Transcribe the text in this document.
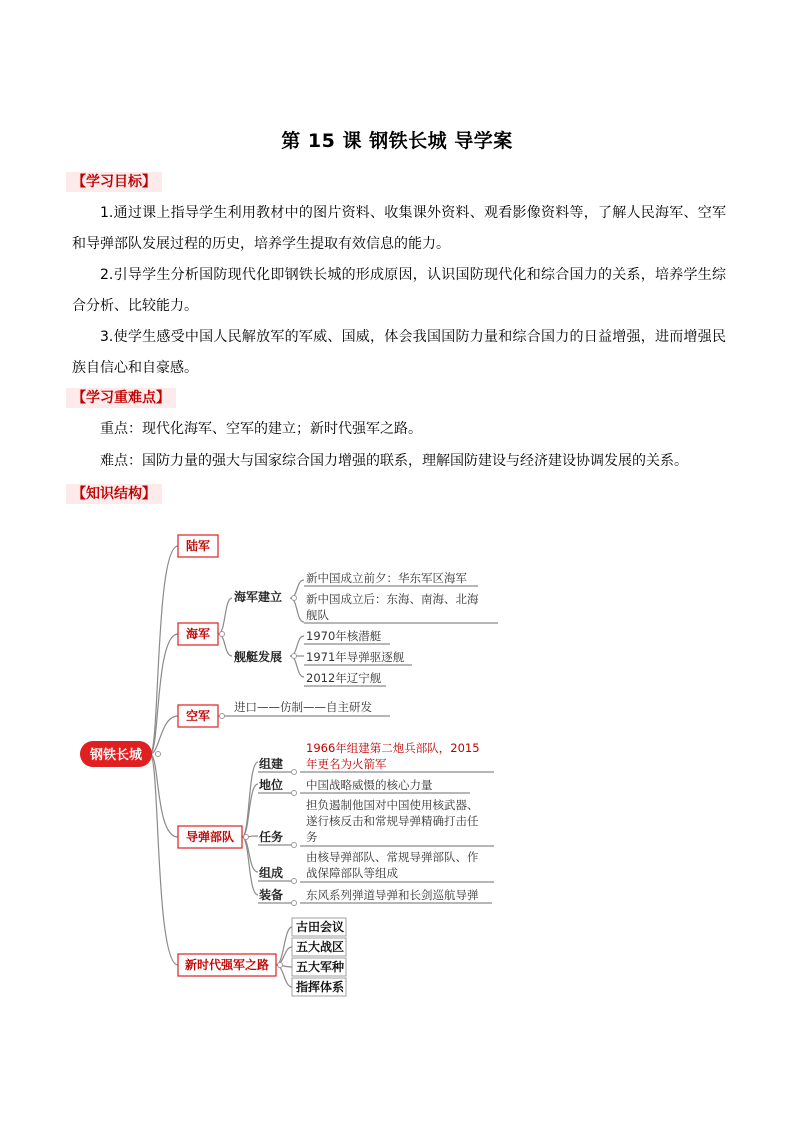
第 15 课 钢铁长城 导学案
【学习目标】
1.通过课上指导学生利用教材中的图片资料、收集课外资料、观看影像资料等，了解人民海军、空军和导弹部队发展过程的历史，培养学生提取有效信息的能力。
2.引导学生分析国防现代化即钢铁长城的形成原因，认识国防现代化和综合国力的关系，培养学生综合分析、比较能力。
3.使学生感受中国人民解放军的军威、国威，体会我国国防力量和综合国力的日益增强，进而增强民族自信心和自豪感。
【学习重难点】
重点：现代化海军、空军的建立；新时代强军之路。
难点：国防力量的强大与国家综合国力增强的联系，理解国防建设与经济建设协调发展的关系。
【知识结构】
钢铁长城
陆军
海军
空军
导弹部队
新时代强军之路
海军建立
舰艇发展
组建
地位
任务
组成
装备
新中国成立前夕：华东军区海军
新中国成立后：东海、南海、北海
舰队
1970年核潜艇
1971年导弹驱逐舰
2012年辽宁舰
进口——仿制——自主研发
1966年组建第二炮兵部队，2015
年更名为火箭军
中国战略威慑的核心力量
担负遏制他国对中国使用核武器、
遂行核反击和常规导弹精确打击任
务
由核导弹部队、常规导弹部队、作
战保障部队等组成
东风系列弹道导弹和长剑巡航导弹
古田会议
五大战区
五大军种
指挥体系
